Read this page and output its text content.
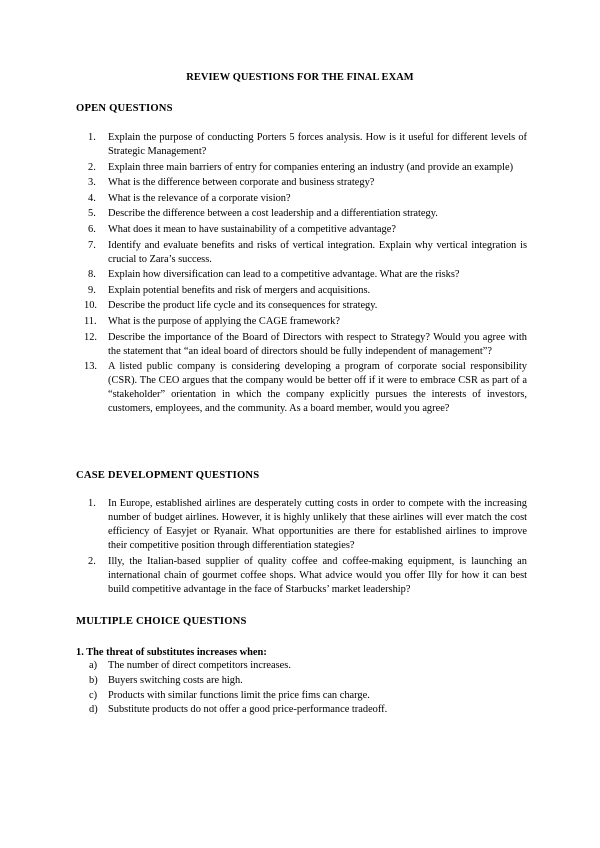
REVIEW QUESTIONS FOR THE FINAL EXAM
OPEN QUESTIONS
1.	Explain the purpose of conducting Porters 5 forces analysis. How is it useful for different levels of Strategic Management?
2.	Explain three main barriers of entry for companies entering an industry (and provide an example)
3.	What is the difference between corporate and business strategy?
4.	What is the relevance of a corporate vision?
5.	Describe the difference between a cost leadership and a differentiation strategy.
6.	What does it mean to have sustainability of a competitive advantage?
7.	Identify and evaluate benefits and risks of vertical integration. Explain why vertical integration is crucial to Zara’s success.
8.	Explain how diversification can lead to a competitive advantage. What are the risks?
9.	Explain potential benefits and risk of mergers and acquisitions.
10.	Describe the product life cycle and its consequences for strategy.
11.	What is the purpose of applying the CAGE framework?
12.	Describe the importance of the Board of Directors with respect to Strategy? Would you agree with the statement that “an ideal board of directors should be fully independent of management”?
13.	A listed public company is considering developing a program of corporate social responsibility (CSR). The CEO argues that the company would be better off if it were to embrace CSR as part of a “stakeholder” orientation in which the company explicitly pursues the interests of investors, customers, employees, and the community. As a board member, would you agree?
CASE DEVELOPMENT QUESTIONS
1.	In Europe, established airlines are desperately cutting costs in order to compete with the increasing number of budget airlines. However, it is highly unlikely that these airlines will ever match the cost efficiency of Easyjet or Ryanair. What opportunities are there for established airlines to improve their competitive position through differentiation stategies?
2.	Illy, the Italian-based supplier of quality coffee and coffee-making equipment, is launching an international chain of gourmet coffee shops. What advice would you offer Illy for how it can best build competitive advantage in the face of Starbucks’ market leadership?
MULTIPLE CHOICE QUESTIONS
1. The threat of substitutes increases when:
a) The number of direct competitors increases.
b) Buyers switching costs are high.
c) Products with similar functions limit the price fims can charge.
d) Substitute products do not offer a good price-performance tradeoff.
